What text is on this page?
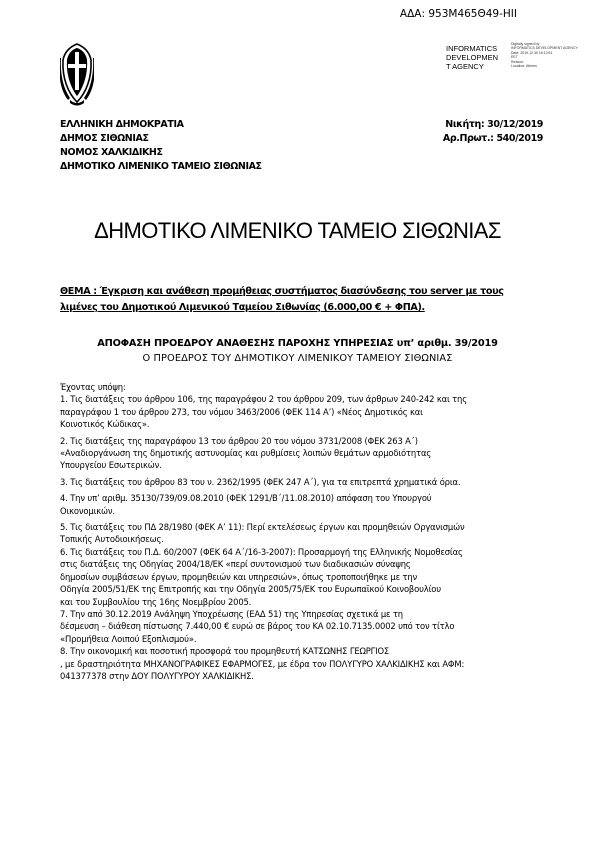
ΑΔΑ: 953Μ465Θ49-ΗΙΙ
INFORMATICS
DEVELOPMEN
T AGENCY
Digitally signed by
INFORMATICS DEVELOPMENT AGENCY
Date: 2019.12.30 16:13:51
EET
Reason:
Location: Athens
ΕΛΛΗΝΙΚΗ ΔΗΜΟΚΡΑΤΙΑ
ΔΗΜΟΣ ΣΙΘΩΝΙΑΣ
ΝΟΜΟΣ ΧΑΛΚΙΔΙΚΗΣ
ΔΗΜΟΤΙΚΟ ΛΙΜΕΝΙΚΟ ΤΑΜΕΙΟ ΣΙΘΩΝΙΑΣ
Νικήτη: 30/12/2019
Αρ.Πρωτ.: 540/2019
ΔΗΜΟΤΙΚΟ ΛΙΜΕΝΙΚΟ ΤΑΜΕΙΟ ΣΙΘΩΝΙΑΣ
ΘΕΜΑ : Έγκριση και ανάθεση προμήθειας συστήματος διασύνδεσης του server με τους
λιμένες του Δημοτικού Λιμενικού Ταμείου Σιθωνίας (6.000,00 € + ΦΠΑ).
ΑΠΟΦΑΣΗ ΠΡΟΕΔΡΟΥ ΑΝΑΘΕΣΗΣ ΠΑΡΟΧΗΣ ΥΠΗΡΕΣΙΑΣ υπ’ αριθμ. 39/2019
Ο ΠΡΟΕΔΡΟΣ ΤΟΥ ΔΗΜΟΤΙΚΟΥ ΛΙΜΕΝΙΚΟΥ ΤΑΜΕΙΟΥ ΣΙΘΩΝΙΑΣ

Έχοντας υπόψη:

1. Τις διατάξεις του άρθρου 106, της παραγράφου 2 του άρθρου 209, των άρθρων 240-242 και της

παραγράφου 1 του άρθρου 273, του νόμου 3463/2006 (ΦΕΚ 114 Α’) «Νέος Δημοτικός και

Κοινοτικός Κώδικας».

2. Τις διατάξεις της παραγράφου 13 του άρθρου 20 του νόμου 3731/2008 (ΦΕΚ 263 Α΄)

«Αναδιοργάνωση της δημοτικής αστυνομίας και ρυθμίσεις λοιπών θεμάτων αρμοδιότητας

Υπουργείου Εσωτερικών.

3. Τις διατάξεις του άρθρου 83 του ν. 2362/1995 (ΦΕΚ 247 Α΄), για τα επιτρεπτά χρηματικά όρια.

4. Την υπ’ αριθμ. 35130/739/09.08.2010 (ΦΕΚ 1291/Β΄/11.08.2010) απόφαση του Υπουργού

Οικονομικών.

5. Τις διατάξεις του ΠΔ 28/1980 (ΦΕΚ Α’ 11): Περί εκτελέσεως έργων και προμηθειών Οργανισμών

Τοπικής Αυτοδιοικήσεως.

6. Τις διατάξεις του Π.Δ. 60/2007 (ΦΕΚ 64 Α΄/16-3-2007): Προσαρμογή της Ελληνικής Νομοθεσίας

στις διατάξεις της Οδηγίας 2004/18/ΕΚ «περί συντονισμού των διαδικασιών σύναψης

δημοσίων συμβάσεων έργων, προμηθειών και υπηρεσιών», όπως τροποποιήθηκε με την

Οδηγία 2005/51/ΕΚ της Επιτροπής και την Οδηγία 2005/75/ΕΚ του Ευρωπαϊκού Κοινοβουλίου

και του Συμβουλίου της 16ης Νοεμβρίου 2005.

7. Την από 30.12.2019 Ανάληψη Υποχρέωσης (ΕΑΔ 51) της Υπηρεσίας σχετικά με τη

δέσμευση – διάθεση πίστωσης 7.440,00 € ευρώ σε βάρος του ΚΑ 02.10.7135.0002 υπό τον τίτλο

«Προμήθεια Λοιπού Εξοπλισμού».

8. Την οικονομική και ποσοτική προσφορά του προμηθευτή ΚΑΤΣΩΝΗΣ ΓΕΩΡΓΙΟΣ

, με δραστηριότητα ΜΗΧΑΝΟΓΡΑΦΙΚΕΣ ΕΦΑΡΜΟΓΕΣ, με έδρα τον ΠΟΛΥΓΥΡΟ ΧΑΛΚΙΔΙΚΗΣ και ΑΦΜ:

041377378 στην ΔΟΥ ΠΟΛΥΓΥΡΟΥ ΧΑΛΚΙΔΙΚΗΣ.
